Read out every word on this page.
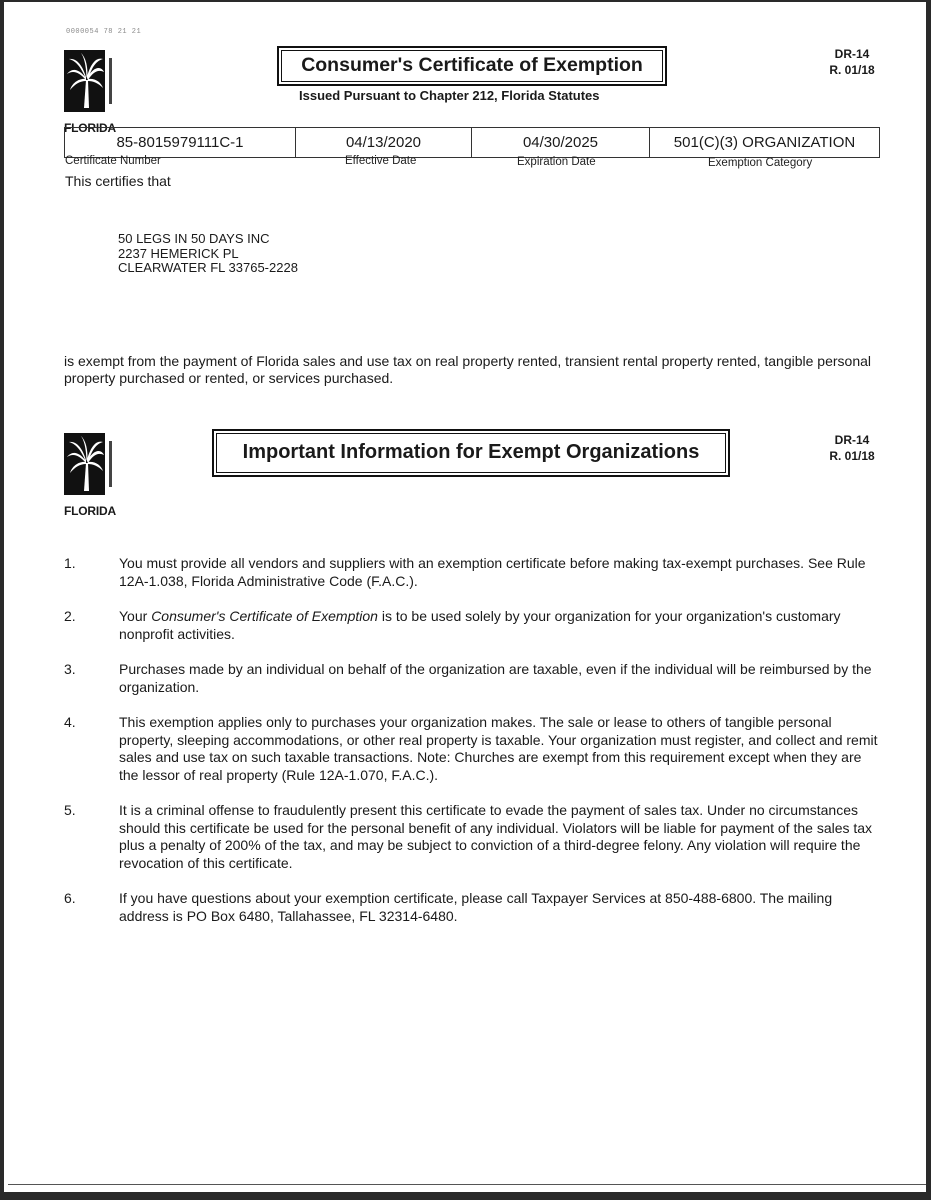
0000054 78 21 21
FLORIDA
Consumer's Certificate of Exemption
Issued Pursuant to Chapter 212, Florida Statutes
DR-14
R. 01/18
85-8015979111C-1	04/13/2020	04/30/2025	501(C)(3) ORGANIZATION
Certificate Number	Effective Date	Expiration Date	Exemption Category
This certifies that
50 LEGS IN 50 DAYS INC
2237 HEMERICK PL
CLEARWATER FL 33765-2228
is exempt from the payment of Florida sales and use tax on real property rented, transient rental property rented, tangible personal property purchased or rented, or services purchased.
FLORIDA
Important Information for Exempt Organizations
DR-14
R. 01/18
1.	You must provide all vendors and suppliers with an exemption certificate before making tax-exempt purchases. See Rule 12A-1.038, Florida Administrative Code (F.A.C.).
2.	Your Consumer's Certificate of Exemption is to be used solely by your organization for your organization's customary nonprofit activities.
3.	Purchases made by an individual on behalf of the organization are taxable, even if the individual will be reimbursed by the organization.
4.	This exemption applies only to purchases your organization makes. The sale or lease to others of tangible personal property, sleeping accommodations, or other real property is taxable. Your organization must register, and collect and remit sales and use tax on such taxable transactions. Note: Churches are exempt from this requirement except when they are the lessor of real property (Rule 12A-1.070, F.A.C.).
5.	It is a criminal offense to fraudulently present this certificate to evade the payment of sales tax. Under no circumstances should this certificate be used for the personal benefit of any individual. Violators will be liable for payment of the sales tax plus a penalty of 200% of the tax, and may be subject to conviction of a third-degree felony. Any violation will require the revocation of this certificate.
6.	If you have questions about your exemption certificate, please call Taxpayer Services at 850-488-6800. The mailing address is PO Box 6480, Tallahassee, FL 32314-6480.
